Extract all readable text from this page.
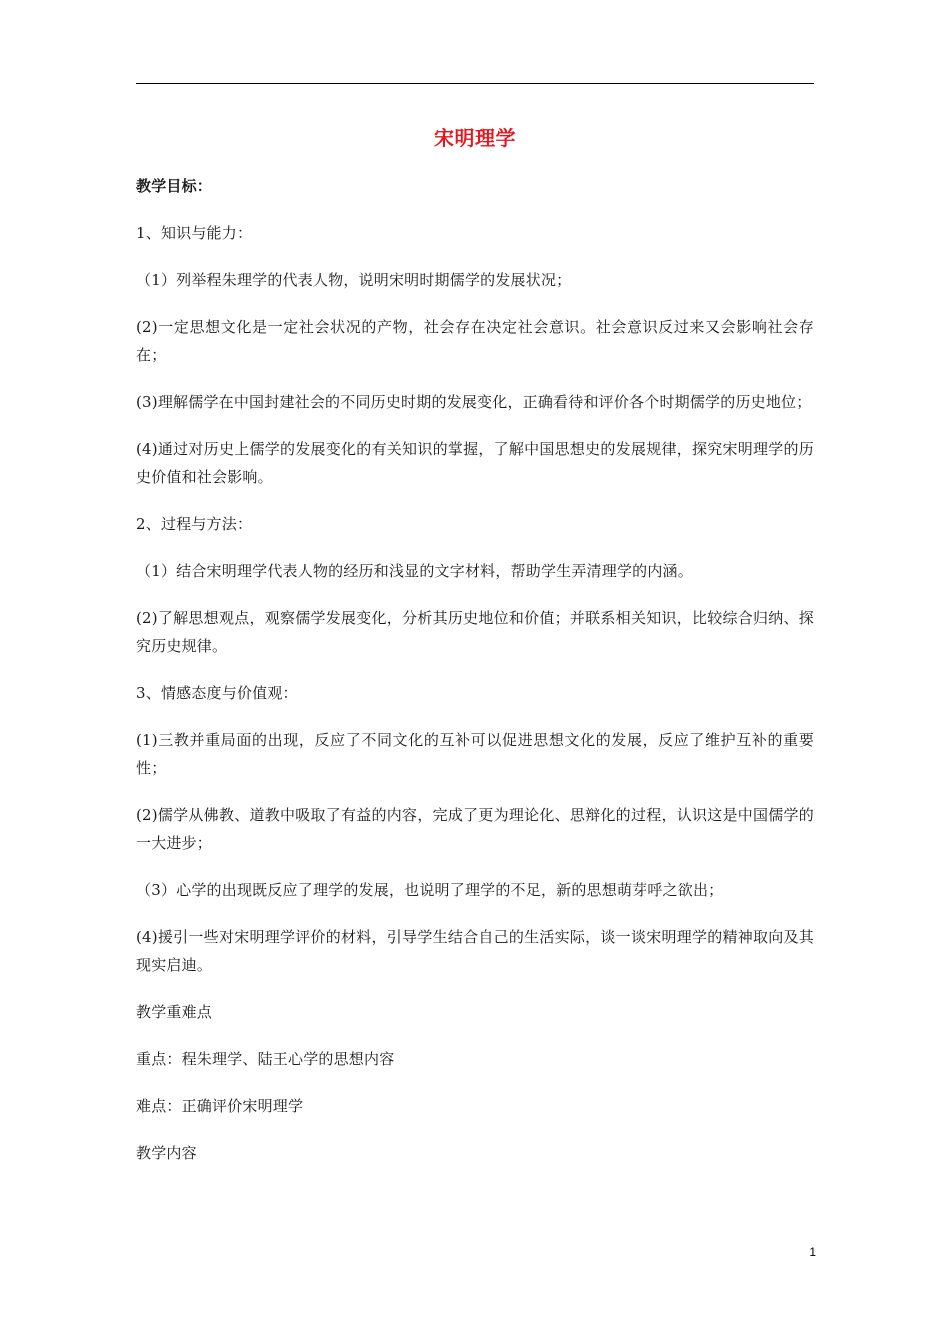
宋明理学

教学目标：

1、知识与能力：

（1）列举程朱理学的代表人物，说明宋明时期儒学的发展状况；

(2)一定思想文化是一定社会状况的产物，社会存在决定社会意识。社会意识反过来又会影响社会存在；

(3)理解儒学在中国封建社会的不同历史时期的发展变化，正确看待和评价各个时期儒学的历史地位；

(4)通过对历史上儒学的发展变化的有关知识的掌握，了解中国思想史的发展规律，探究宋明理学的历史价值和社会影响。

2、过程与方法：

（1）结合宋明理学代表人物的经历和浅显的文字材料，帮助学生弄清理学的内涵。

(2)了解思想观点，观察儒学发展变化，分析其历史地位和价值；并联系相关知识，比较综合归纳、探究历史规律。

3、情感态度与价值观：

(1)三教并重局面的出现，反应了不同文化的互补可以促进思想文化的发展，反应了维护互补的重要性；

(2)儒学从佛教、道教中吸取了有益的内容，完成了更为理论化、思辩化的过程，认识这是中国儒学的一大进步；

（3）心学的出现既反应了理学的发展，也说明了理学的不足，新的思想萌芽呼之欲出；

(4)援引一些对宋明理学评价的材料，引导学生结合自己的生活实际，谈一谈宋明理学的精神取向及其现实启迪。

教学重难点

重点：程朱理学、陆王心学的思想内容

难点：正确评价宋明理学

教学内容

1
